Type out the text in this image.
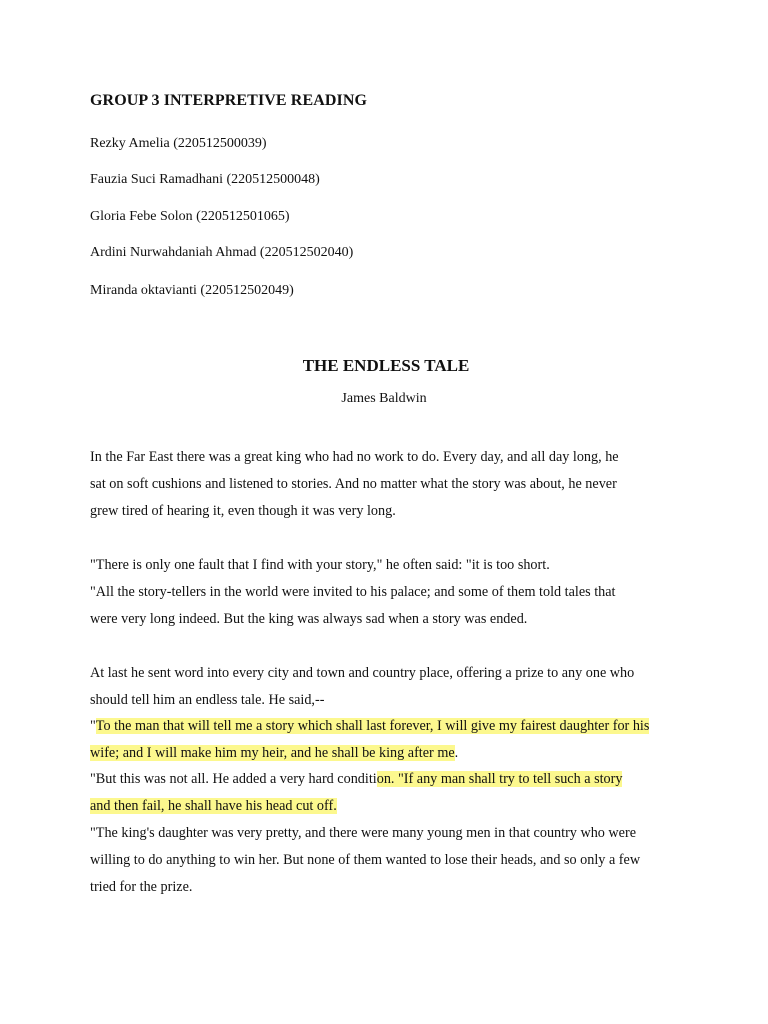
GROUP 3 INTERPRETIVE READING

Rezky Amelia (220512500039)

Fauzia Suci Ramadhani (220512500048)

Gloria Febe Solon (220512501065)

Ardini Nurwahdaniah Ahmad (220512502040)

Miranda oktavianti (220512502049)

THE ENDLESS TALE

James Baldwin

In the Far East there was a great king who had no work to do. Every day, and all day long, he

sat on soft cushions and listened to stories. And no matter what the story was about, he never

grew tired of hearing it, even though it was very long.

"There is only one fault that I find with your story," he often said: "it is too short.

"All the story-tellers in the world were invited to his palace; and some of them told tales that

were very long indeed. But the king was always sad when a story was ended.

At last he sent word into every city and town and country place, offering a prize to any one who

should tell him an endless tale. He said,--

"To the man that will tell me a story which shall last forever, I will give my fairest daughter for his

wife; and I will make him my heir, and he shall be king after me.

"But this was not all. He added a very hard condition. "If any man shall try to tell such a story

and then fail, he shall have his head cut off.

"The king's daughter was very pretty, and there were many young men in that country who were

willing to do anything to win her. But none of them wanted to lose their heads, and so only a few

tried for the prize.
